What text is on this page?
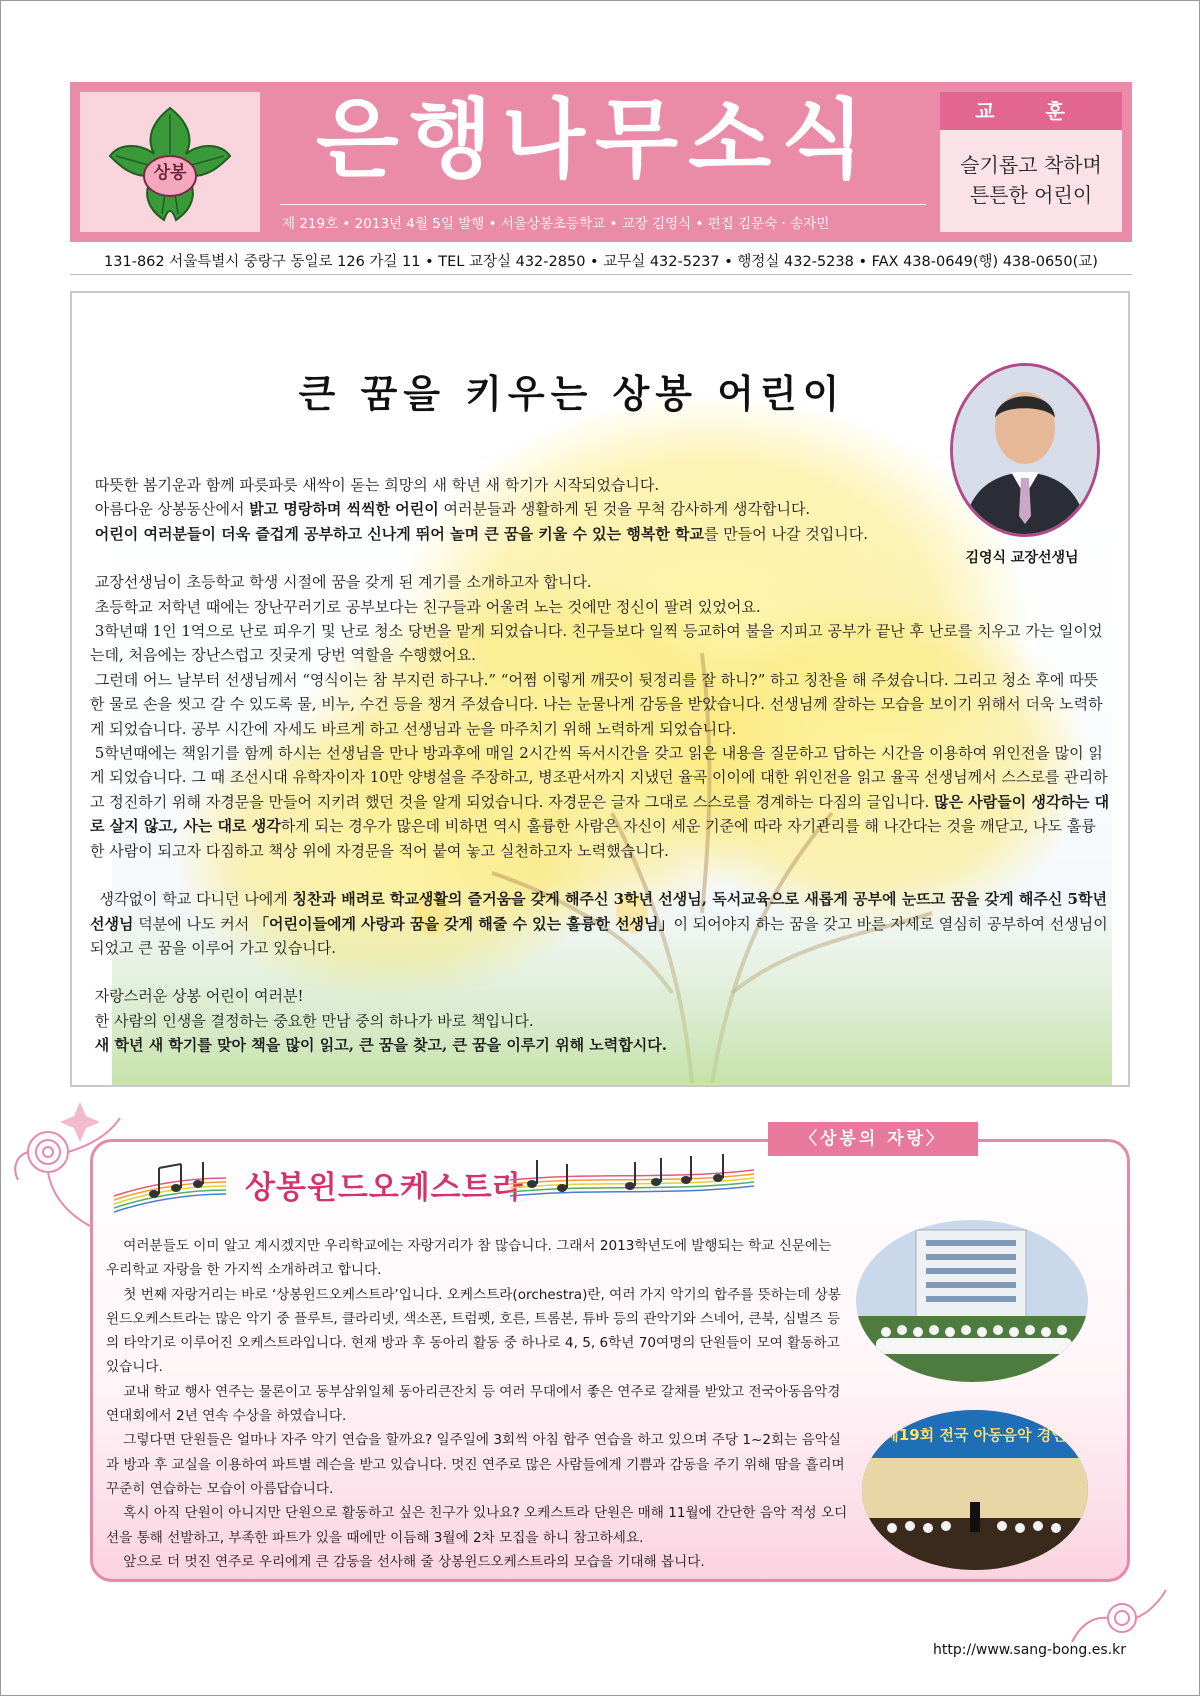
상봉	은행나무소식
제 219호 • 2013년 4월 5일 발행 • 서울상봉초등학교 • 교장 김영식 • 편집 김문숙 · 송자민
교 훈
슬기롭고 착하며
튼튼한 어린이
131-862 서울특별시 중랑구 동일로 126 가길 11 • TEL 교장실 432-2850 • 교무실 432-5237 • 행정실 432-5238 • FAX 438-0649(행) 438-0650(교)
큰 꿈을 키우는 상봉 어린이
김영식 교장선생님

따뜻한 봄기운과 함께 파릇파릇 새싹이 돋는 희망의 새 학년 새 학기가 시작되었습니다.

아름다운 상봉동산에서 밝고 명랑하며 씩씩한 어린이 여러분들과 생활하게 된 것을 무척 감사하게 생각합니다.

어린이 여러분들이 더욱 즐겁게 공부하고 신나게 뛰어 놀며 큰 꿈을 키울 수 있는 행복한 학교를 만들어 나갈 것입니다.

교장선생님이 초등학교 학생 시절에 꿈을 갖게 된 계기를 소개하고자 합니다.

초등학교 저학년 때에는 장난꾸러기로 공부보다는 친구들과 어울려 노는 것에만 정신이 팔려 있었어요.

3학년때 1인 1역으로 난로 피우기 및 난로 청소 당번을 맡게 되었습니다. 친구들보다 일찍 등교하여 불을 지피고 공부가 끝난 후 난로를 치우고 가는 일이었는데, 처음에는 장난스럽고 짓궂게 당번 역할을 수행했어요.

그런데 어느 날부터 선생님께서 “영식이는 참 부지런 하구나.” “어쩜 이렇게 깨끗이 뒷정리를 잘 하니?” 하고 칭찬을 해 주셨습니다. 그리고 청소 후에 따뜻한 물로 손을 씻고 갈 수 있도록 물, 비누, 수건 등을 챙겨 주셨습니다. 나는 눈물나게 감동을 받았습니다. 선생님께 잘하는 모습을 보이기 위해서 더욱 노력하게 되었습니다. 공부 시간에 자세도 바르게 하고 선생님과 눈을 마주치기 위해 노력하게 되었습니다.

5학년때에는 책읽기를 함께 하시는 선생님을 만나 방과후에 매일 2시간씩 독서시간을 갖고 읽은 내용을 질문하고 답하는 시간을 이용하여 위인전을 많이 읽게 되었습니다. 그 때 조선시대 유학자이자 10만 양병설을 주장하고, 병조판서까지 지냈던 율곡 이이에 대한 위인전을 읽고 율곡 선생님께서 스스로를 관리하고 정진하기 위해 자경문을 만들어 지키려 했던 것을 알게 되었습니다. 자경문은 글자 그대로 스스로를 경계하는 다짐의 글입니다. 많은 사람들이 생각하는 대로 살지 않고, 사는 대로 생각하게 되는 경우가 많은데 비하면 역시 훌륭한 사람은 자신이 세운 기준에 따라 자기관리를 해 나간다는 것을 깨닫고, 나도 훌륭한 사람이 되고자 다짐하고 책상 위에 자경문을 적어 붙여 놓고 실천하고자 노력했습니다.

생각없이 학교 다니던 나에게 칭찬과 배려로 학교생활의 즐거움을 갖게 해주신 3학년 선생님, 독서교육으로 새롭게 공부에 눈뜨고 꿈을 갖게 해주신 5학년 선생님 덕분에 나도 커서 「어린이들에게 사랑과 꿈을 갖게 해줄 수 있는 훌륭한 선생님」이 되어야지 하는 꿈을 갖고 바른 자세로 열심히 공부하여 선생님이 되었고 큰 꿈을 이루어 가고 있습니다.

자랑스러운 상봉 어린이 여러분!

한 사람의 인생을 결정하는 중요한 만남 중의 하나가 바로 책입니다.

새 학년 새 학기를 맞아 책을 많이 읽고, 큰 꿈을 찾고, 큰 꿈을 이루기 위해 노력합시다.

〈상봉의 자랑〉
상봉윈드오케스트라

여러분들도 이미 알고 계시겠지만 우리학교에는 자랑거리가 참 많습니다. 그래서 2013학년도에 발행되는 학교 신문에는 우리학교 자랑을 한 가지씩 소개하려고 합니다.

첫 번째 자랑거리는 바로 ‘상봉윈드오케스트라’입니다. 오케스트라(orchestra)란, 여러 가지 악기의 합주를 뜻하는데 상봉윈드오케스트라는 많은 악기 중 플루트, 클라리넷, 색소폰, 트럼펫, 호른, 트롬본, 튜바 등의 관악기와 스네어, 큰북, 심벌즈 등의 타악기로 이루어진 오케스트라입니다. 현재 방과 후 동아리 활동 중 하나로 4, 5, 6학년 70여명의 단원들이 모여 활동하고 있습니다.

교내 학교 행사 연주는 물론이고 동부삼위일체 동아리큰잔치 등 여러 무대에서 좋은 연주로 갈채를 받았고 전국아동음악경연대회에서 2년 연속 수상을 하였습니다.

그렇다면 단원들은 얼마나 자주 악기 연습을 할까요? 일주일에 3회씩 아침 합주 연습을 하고 있으며 주당 1~2회는 음악실과 방과 후 교실을 이용하여 파트별 레슨을 받고 있습니다. 멋진 연주로 많은 사람들에게 기쁨과 감동을 주기 위해 땀을 흘리며 꾸준히 연습하는 모습이 아름답습니다.

혹시 아직 단원이 아니지만 단원으로 활동하고 싶은 친구가 있나요? 오케스트라 단원은 매해 11월에 간단한 음악 적성 오디션을 통해 선발하고, 부족한 파트가 있을 때에만 이듬해 3월에 2차 모집을 하니 참고하세요.

앞으로 더 멋진 연주로 우리에게 큰 감동을 선사해 줄 상봉윈드오케스트라의 모습을 기대해 봅니다.

제19회 전국 아동음악 경연
http://www.sang-bong.es.kr
